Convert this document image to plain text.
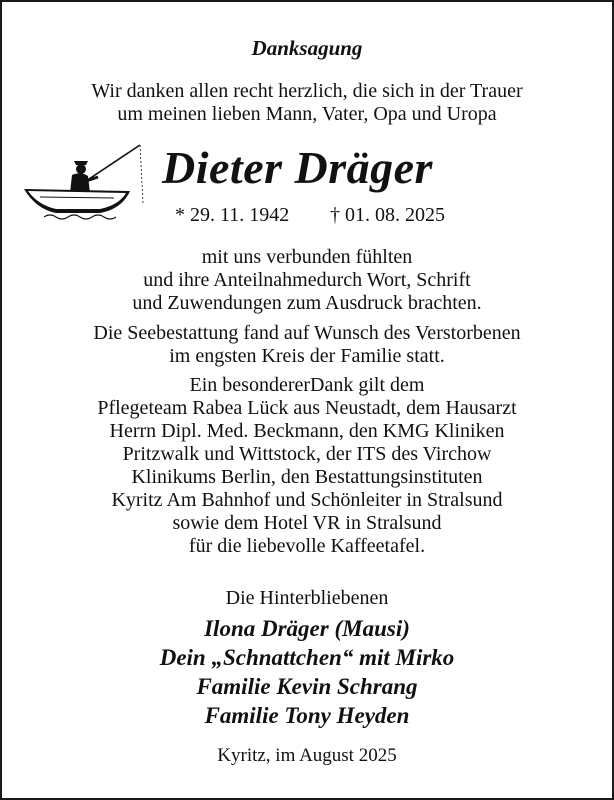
Danksagung
Wir danken allen recht herzlich, die sich in der Trauer
um meinen lieben Mann, Vater, Opa und Uropa
Dieter Dräger
* 29. 11. 1942 † 01. 08. 2025
mit uns verbunden fühlten
und ihre Anteilnahmedurch Wort, Schrift
und Zuwendungen zum Ausdruck brachten.
Die Seebestattung fand auf Wunsch des Verstorbenen
im engsten Kreis der Familie statt.
Ein besondererDank gilt dem
Pflegeteam Rabea Lück aus Neustadt, dem Hausarzt
Herrn Dipl. Med. Beckmann, den KMG Kliniken
Pritzwalk und Wittstock, der ITS des Virchow
Klinikums Berlin, den Bestattungsinstituten
Kyritz Am Bahnhof und Schönleiter in Stralsund
sowie dem Hotel VR in Stralsund
für die liebevolle Kaffeetafel.
Die Hinterbliebenen
Ilona Dräger (Mausi)
Dein „Schnattchen“ mit Mirko
Familie Kevin Schrang
Familie Tony Heyden
Kyritz, im August 2025
